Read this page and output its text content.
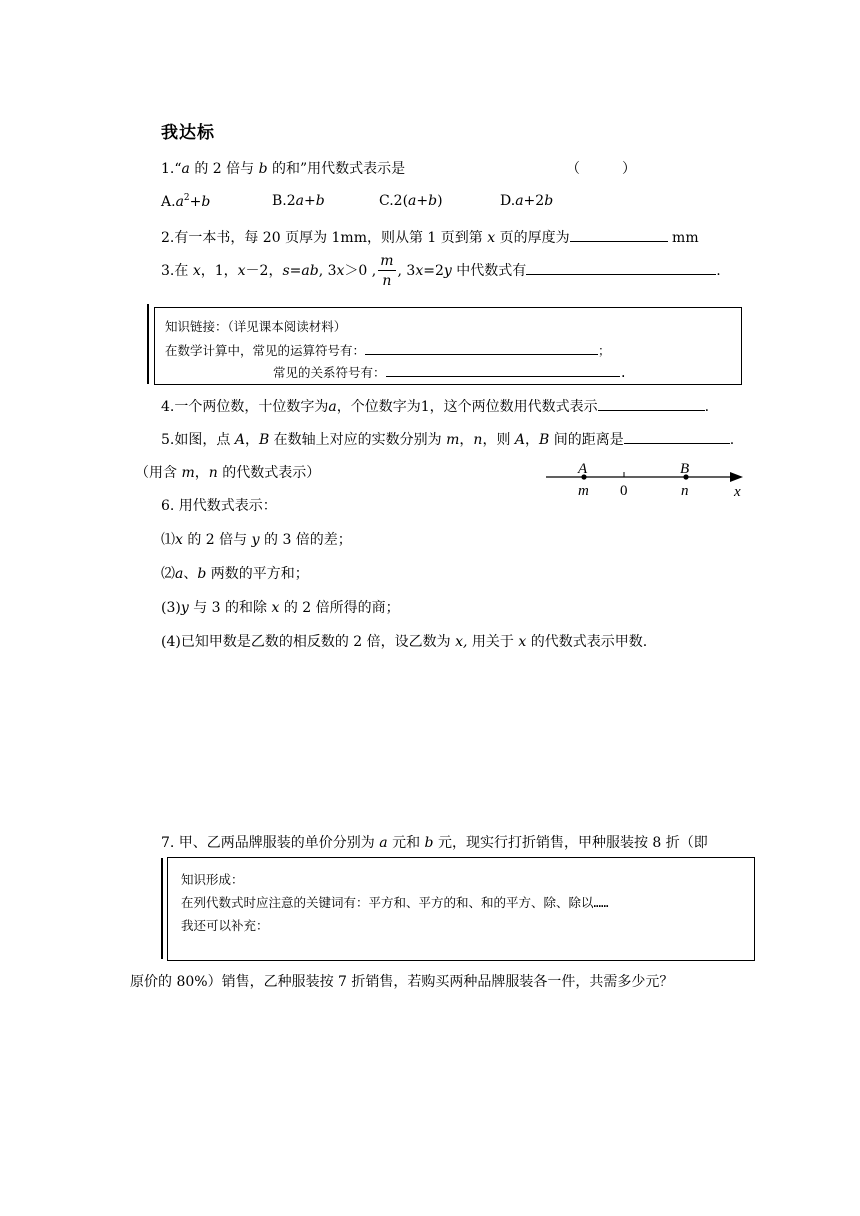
我达标
1.“a 的 2 倍与 b 的和”用代数式表示是	（　　　）
$A.a^2+b$	B.2a+b	C.2(a+b)	D.a+2b
2.有一本书，每 20 页厚为 1mm，则从第 1 页到第 x 页的厚度为	mm
3.在 x，1，x－2，s=ab, 3x＞0 , $\frac{m}{n}$ , 3x=2y 中代数式有	.
知识链接：（详见课本阅读材料）
在数学计算中，常见的运算符号有：	；
常见的关系符号有：	.
4.一个两位数，十位数字为a，个位数字为1，这个两位数用代数式表示	.
5.如图，点 A，B 在数轴上对应的实数分别为 m，n，则 A，B 间的距离是	.
（用含 m，n 的代数式表示）	A	B
m 0	n	x
6. 用代数式表示：
⑴x 的 2 倍与 y 的 3 倍的差；
⑵a、b 两数的平方和；
(3)y 与 3 的和除 x 的 2 倍所得的商；
(4)已知甲数是乙数的相反数的 2 倍，设乙数为 x, 用关于 x 的代数式表示甲数.
7. 甲、乙两品牌服装的单价分别为 a 元和 b 元，现实行打折销售，甲种服装按 8 折（即
知识形成：
在列代数式时应注意的关键词有：平方和、平方的和、和的平方、除、除以……
我还可以补充：
原价的 80%）销售，乙种服装按 7 折销售，若购买两种品牌服装各一件，共需多少元？
